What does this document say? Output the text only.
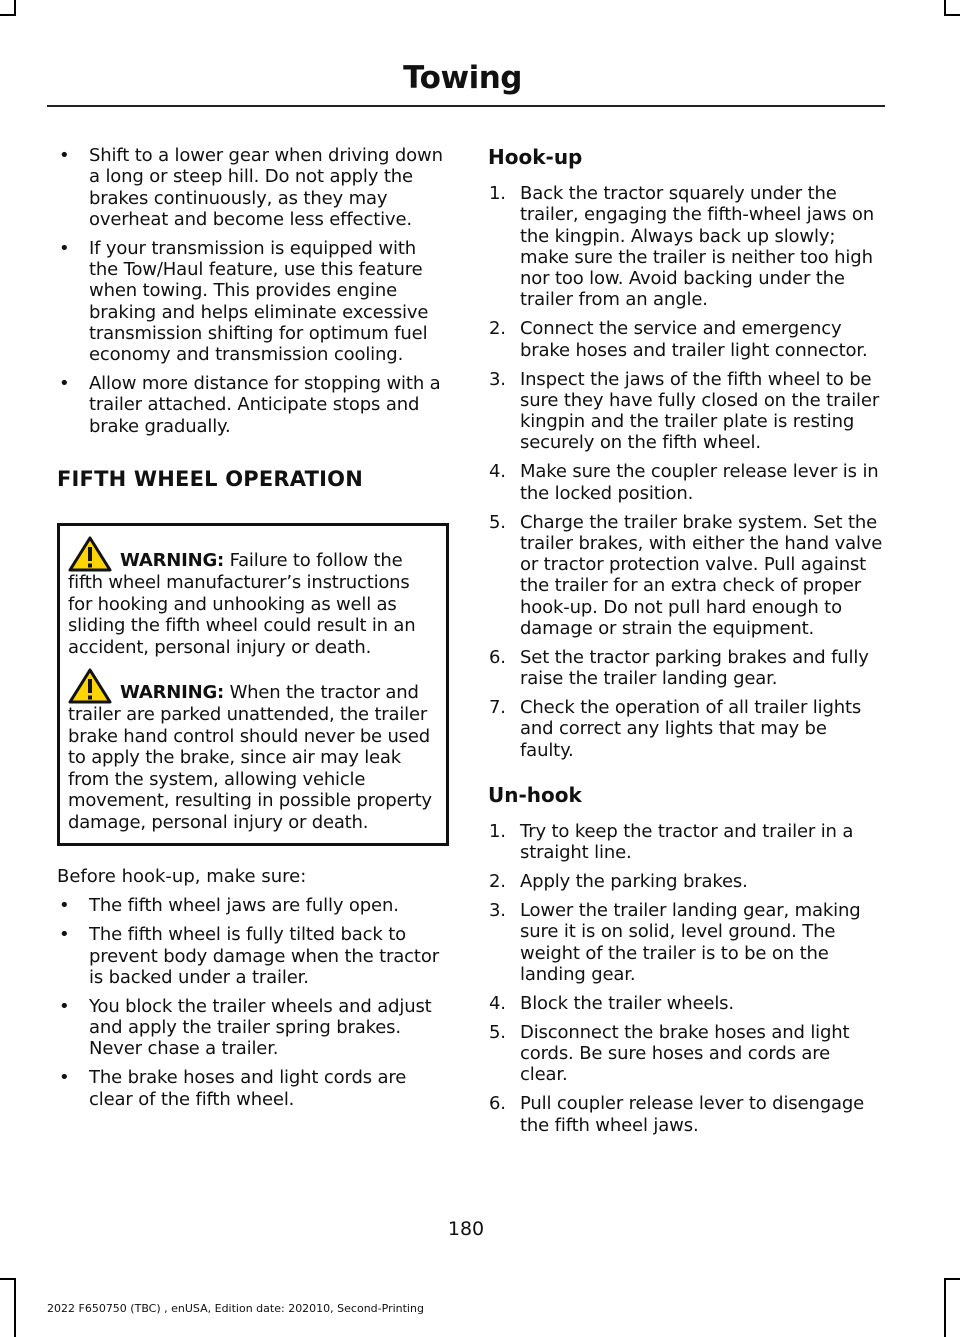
Towing
• Shift to a lower gear when driving down a long or steep hill. Do not apply the brakes continuously, as they may overheat and become less effective.
• If your transmission is equipped with the Tow/Haul feature, use this feature when towing. This provides engine braking and helps eliminate excessive transmission shifting for optimum fuel economy and transmission cooling.
• Allow more distance for stopping with a trailer attached. Anticipate stops and brake gradually.
FIFTH WHEEL OPERATION

WARNING: Failure to follow the fifth wheel manufacturer’s instructions for hooking and unhooking as well as sliding the fifth wheel could result in an accident, personal injury or death.

WARNING: When the tractor and trailer are parked unattended, the trailer brake hand control should never be used to apply the brake, since air may leak from the system, allowing vehicle movement, resulting in possible property damage, personal injury or death.

Before hook-up, make sure:

• The fifth wheel jaws are fully open.
• The fifth wheel is fully tilted back to prevent body damage when the tractor is backed under a trailer.
• You block the trailer wheels and adjust and apply the trailer spring brakes. Never chase a trailer.
• The brake hoses and light cords are clear of the fifth wheel.
Hook-up
1. Back the tractor squarely under the trailer, engaging the fifth-wheel jaws on the kingpin. Always back up slowly; make sure the trailer is neither too high nor too low. Avoid backing under the trailer from an angle.
2. Connect the service and emergency brake hoses and trailer light connector.
3. Inspect the jaws of the fifth wheel to be sure they have fully closed on the trailer kingpin and the trailer plate is resting securely on the fifth wheel.
4. Make sure the coupler release lever is in the locked position.
5. Charge the trailer brake system. Set the trailer brakes, with either the hand valve or tractor protection valve. Pull against the trailer for an extra check of proper hook-up. Do not pull hard enough to damage or strain the equipment.
6. Set the tractor parking brakes and fully raise the trailer landing gear.
7. Check the operation of all trailer lights and correct any lights that may be faulty.
Un-hook
1. Try to keep the tractor and trailer in a straight line.
2. Apply the parking brakes.
3. Lower the trailer landing gear, making sure it is on solid, level ground. The weight of the trailer is to be on the landing gear.
4. Block the trailer wheels.
5. Disconnect the brake hoses and light cords. Be sure hoses and cords are clear.
6. Pull coupler release lever to disengage the fifth wheel jaws.
180
2022 F650750 (TBC) , enUSA, Edition date: 202010, Second-Printing
